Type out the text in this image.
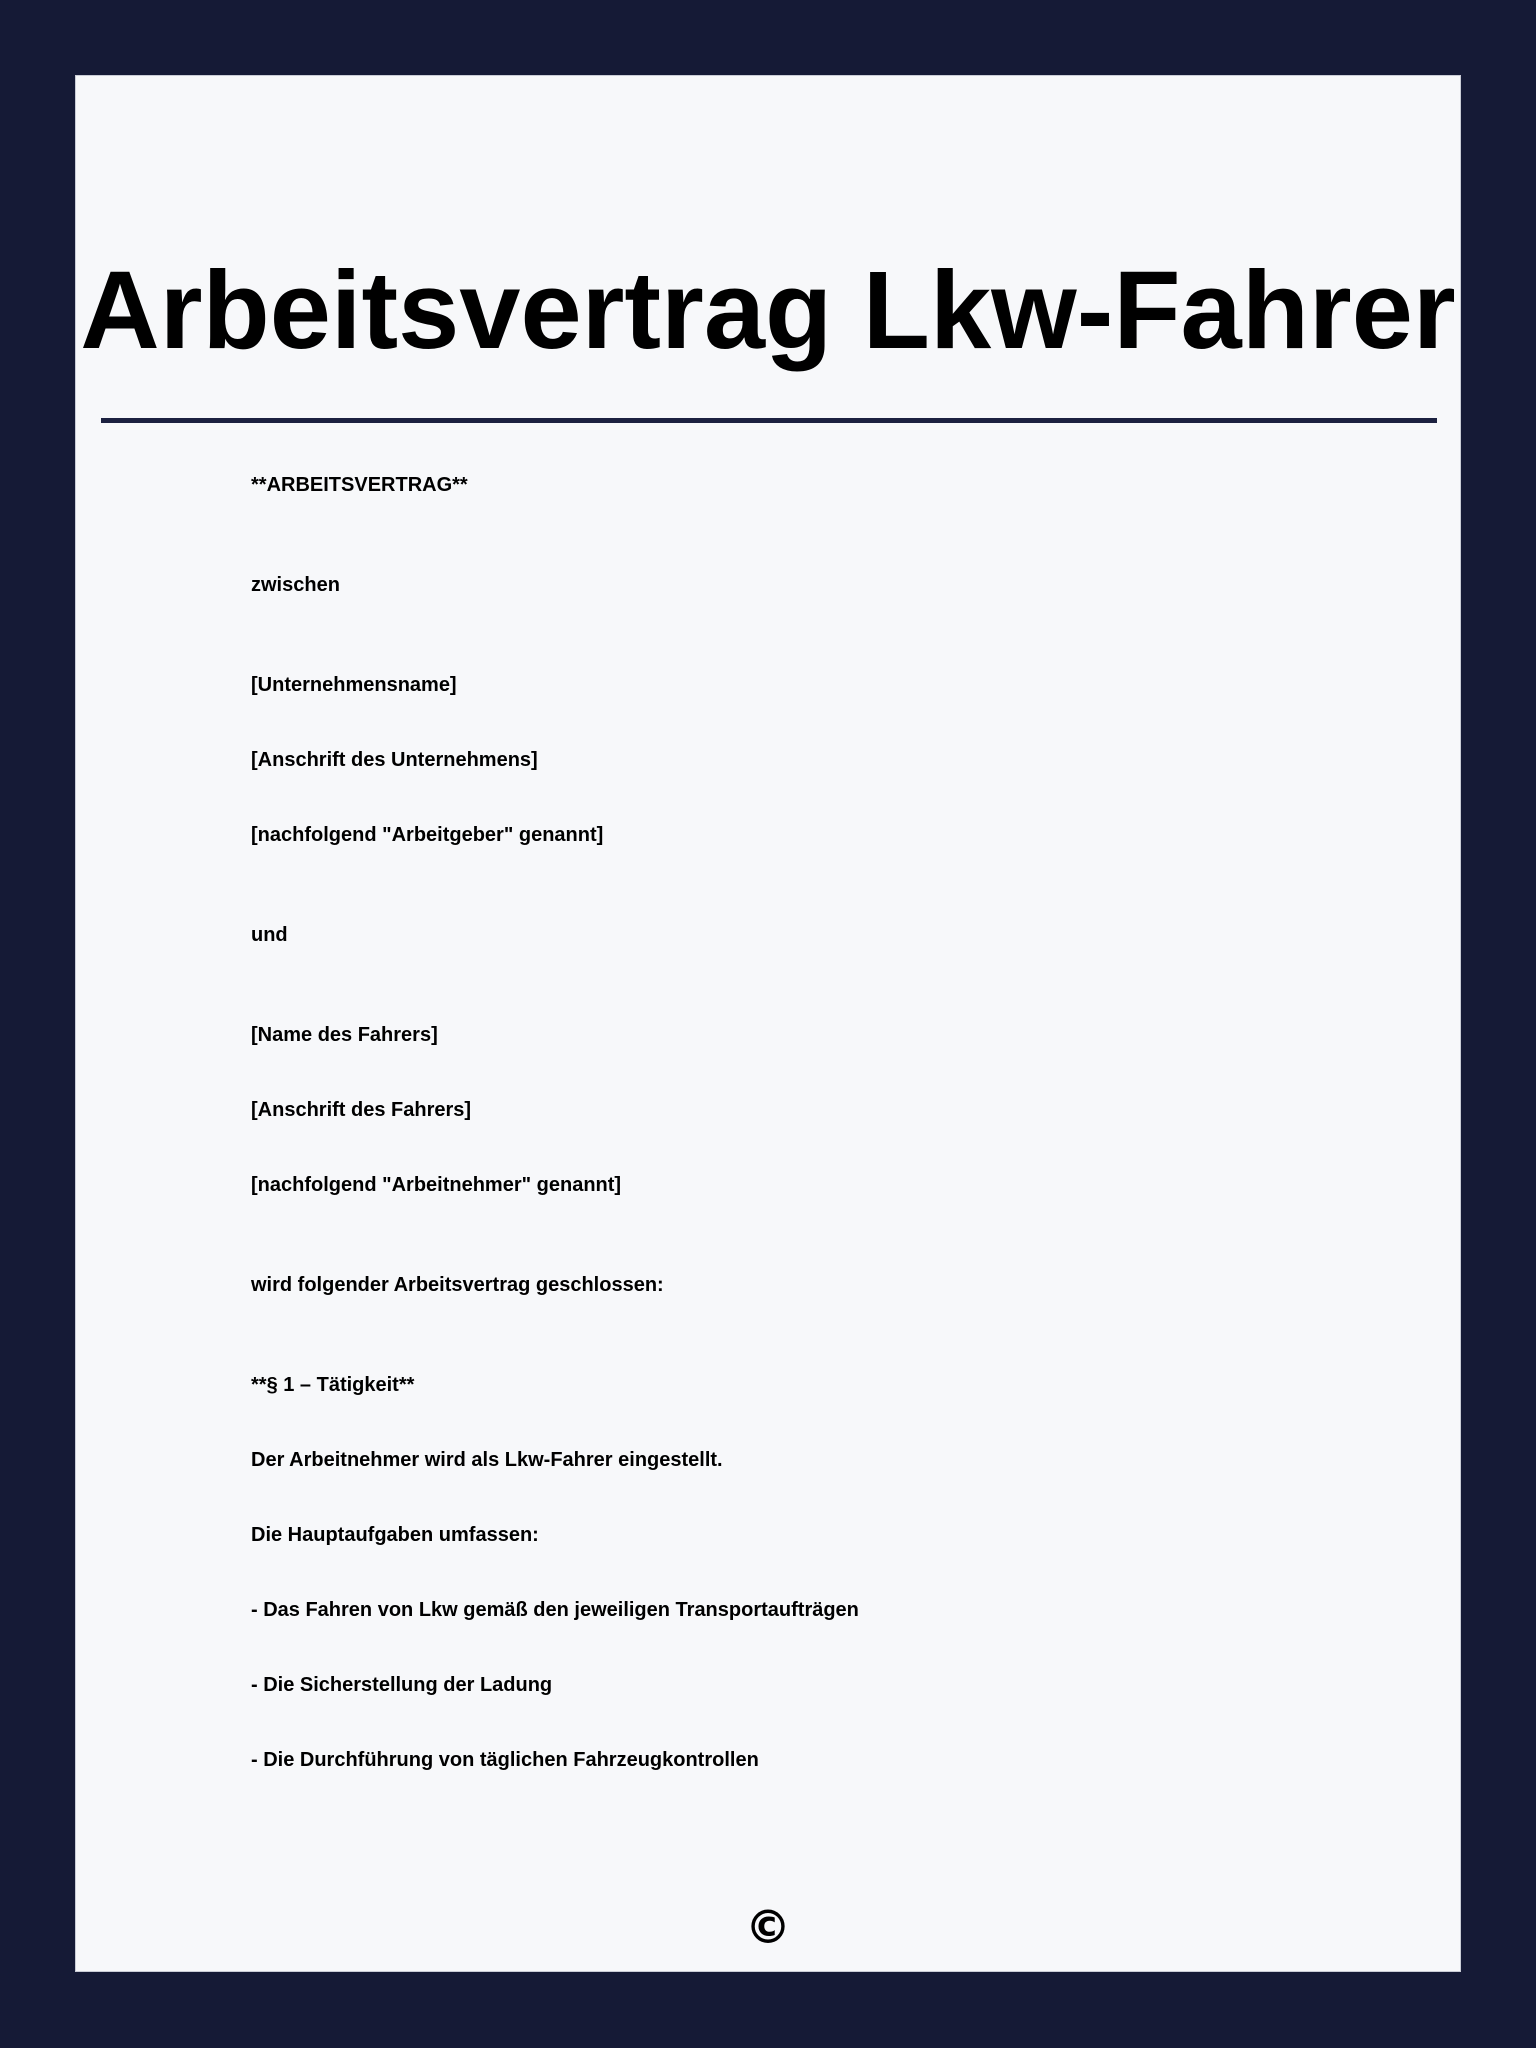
Arbeitsvertrag Lkw-Fahrer

**ARBEITSVERTRAG**

zwischen

[Unternehmensname]

[Anschrift des Unternehmens]

[nachfolgend "Arbeitgeber" genannt]

und

[Name des Fahrers]

[Anschrift des Fahrers]

[nachfolgend "Arbeitnehmer" genannt]

wird folgender Arbeitsvertrag geschlossen:

**§ 1 – Tätigkeit**

Der Arbeitnehmer wird als Lkw-Fahrer eingestellt.

Die Hauptaufgaben umfassen:

- Das Fahren von Lkw gemäß den jeweiligen Transportaufträgen

- Die Sicherstellung der Ladung

- Die Durchführung von täglichen Fahrzeugkontrollen

©
